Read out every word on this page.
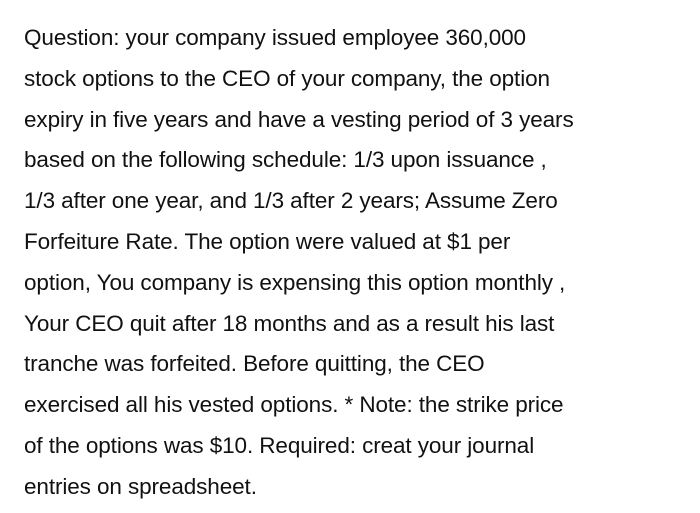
Question: your company issued employee 360,000
stock options to the CEO of your company, the option
expiry in five years and have a vesting period of 3 years
based on the following schedule: 1/3 upon issuance ,
1/3 after one year, and 1/3 after 2 years; Assume Zero
Forfeiture Rate. The option were valued at $1 per
option, You company is expensing this option monthly ,
Your CEO quit after 18 months and as a result his last
tranche was forfeited. Before quitting, the CEO
exercised all his vested options. * Note: the strike price
of the options was $10. Required: creat your journal
entries on spreadsheet.
